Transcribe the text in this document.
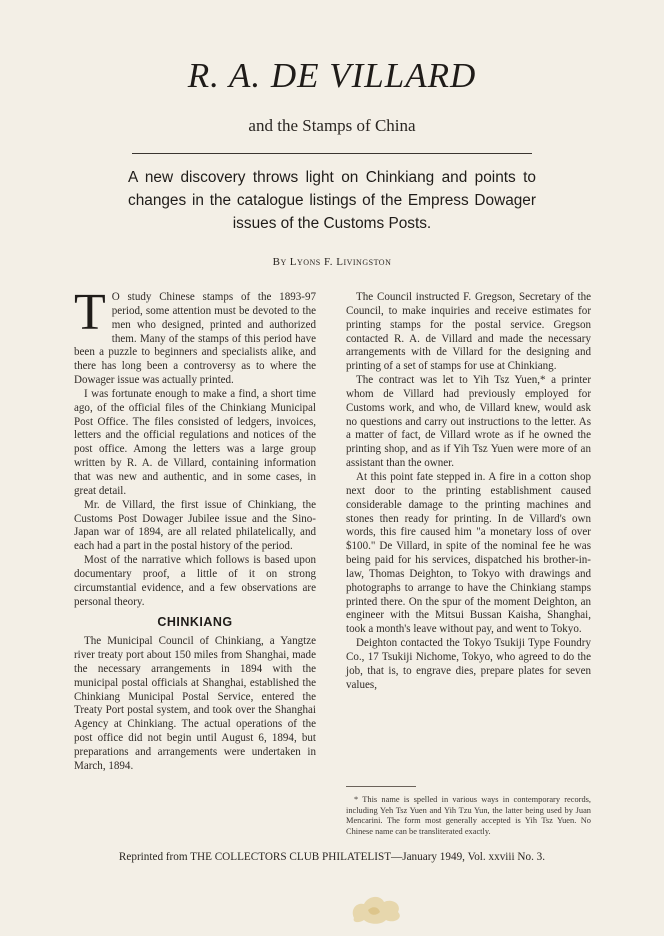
R. A. DE VILLARD
and the Stamps of China
A new discovery throws light on Chinkiang and points to changes in the catalogue listings of the Empress Dowager issues of the Customs Posts.
By Lyons F. Livingston

T O study Chinese stamps of the 1893-97 period, some attention must be devoted to the men who designed, printed and authorized them. Many of the stamps of this period have been a puzzle to beginners and specialists alike, and there has long been a controversy as to where the Dowager issue was actually printed.

I was fortunate enough to make a find, a short time ago, of the official files of the Chinkiang Municipal Post Office. The files consisted of ledgers, invoices, letters and the official regulations and notices of the post office. Among the letters was a large group written by R. A. de Villard, containing information that was new and authentic, and in some cases, in great detail.

Mr. de Villard, the first issue of Chinkiang, the Customs Post Dowager Jubilee issue and the Sino-Japan war of 1894, are all related philatelically, and each had a part in the postal history of the period.

Most of the narrative which follows is based upon documentary proof, a little of it on strong circumstantial evidence, and a few observations are personal theory.

CHINKIANG

The Municipal Council of Chinkiang, a Yangtze river treaty port about 150 miles from Shanghai, made the necessary arrangements in 1894 with the municipal postal officials at Shanghai, established the Chinkiang Municipal Postal Service, entered the Treaty Port postal system, and took over the Shanghai Agency at Chinkiang. The actual operations of the post office did not begin until August 6, 1894, but preparations and arrangements were undertaken in March, 1894.

The Council instructed F. Gregson, Secretary of the Council, to make inquiries and receive estimates for printing stamps for the postal service. Gregson contacted R. A. de Villard and made the necessary arrangements with de Villard for the designing and printing of a set of stamps for use at Chinkiang.

The contract was let to Yih Tsz Yuen,* a printer whom de Villard had previously employed for Customs work, and who, de Villard knew, would ask no questions and carry out instructions to the letter. As a matter of fact, de Villard wrote as if he owned the printing shop, and as if Yih Tsz Yuen were more of an assistant than the owner.

At this point fate stepped in. A fire in a cotton shop next door to the printing establishment caused considerable damage to the printing machines and stones then ready for printing. In de Villard's own words, this fire caused him "a monetary loss of over $100." De Villard, in spite of the nominal fee he was being paid for his services, dispatched his brother-in-law, Thomas Deighton, to Tokyo with drawings and photographs to arrange to have the Chinkiang stamps printed there. On the spur of the moment Deighton, an engineer with the Mitsui Bussan Kaisha, Shanghai, took a month's leave without pay, and went to Tokyo.

Deighton contacted the Tokyo Tsukiji Type Foundry Co., 17 Tsukiji Nichome, Tokyo, who agreed to do the job, that is, to engrave dies, prepare plates for seven values,

* This name is spelled in various ways in contemporary records, including Yeh Tsz Yuen and Yih Tzu Yun, the latter being used by Juan Mencarini. The form most generally accepted is Yih Tsz Yuen. No Chinese name can be transliterated exactly.

Reprinted from THE COLLECTORS CLUB PHILATELIST—January 1949, Vol. xxviii No. 3.
